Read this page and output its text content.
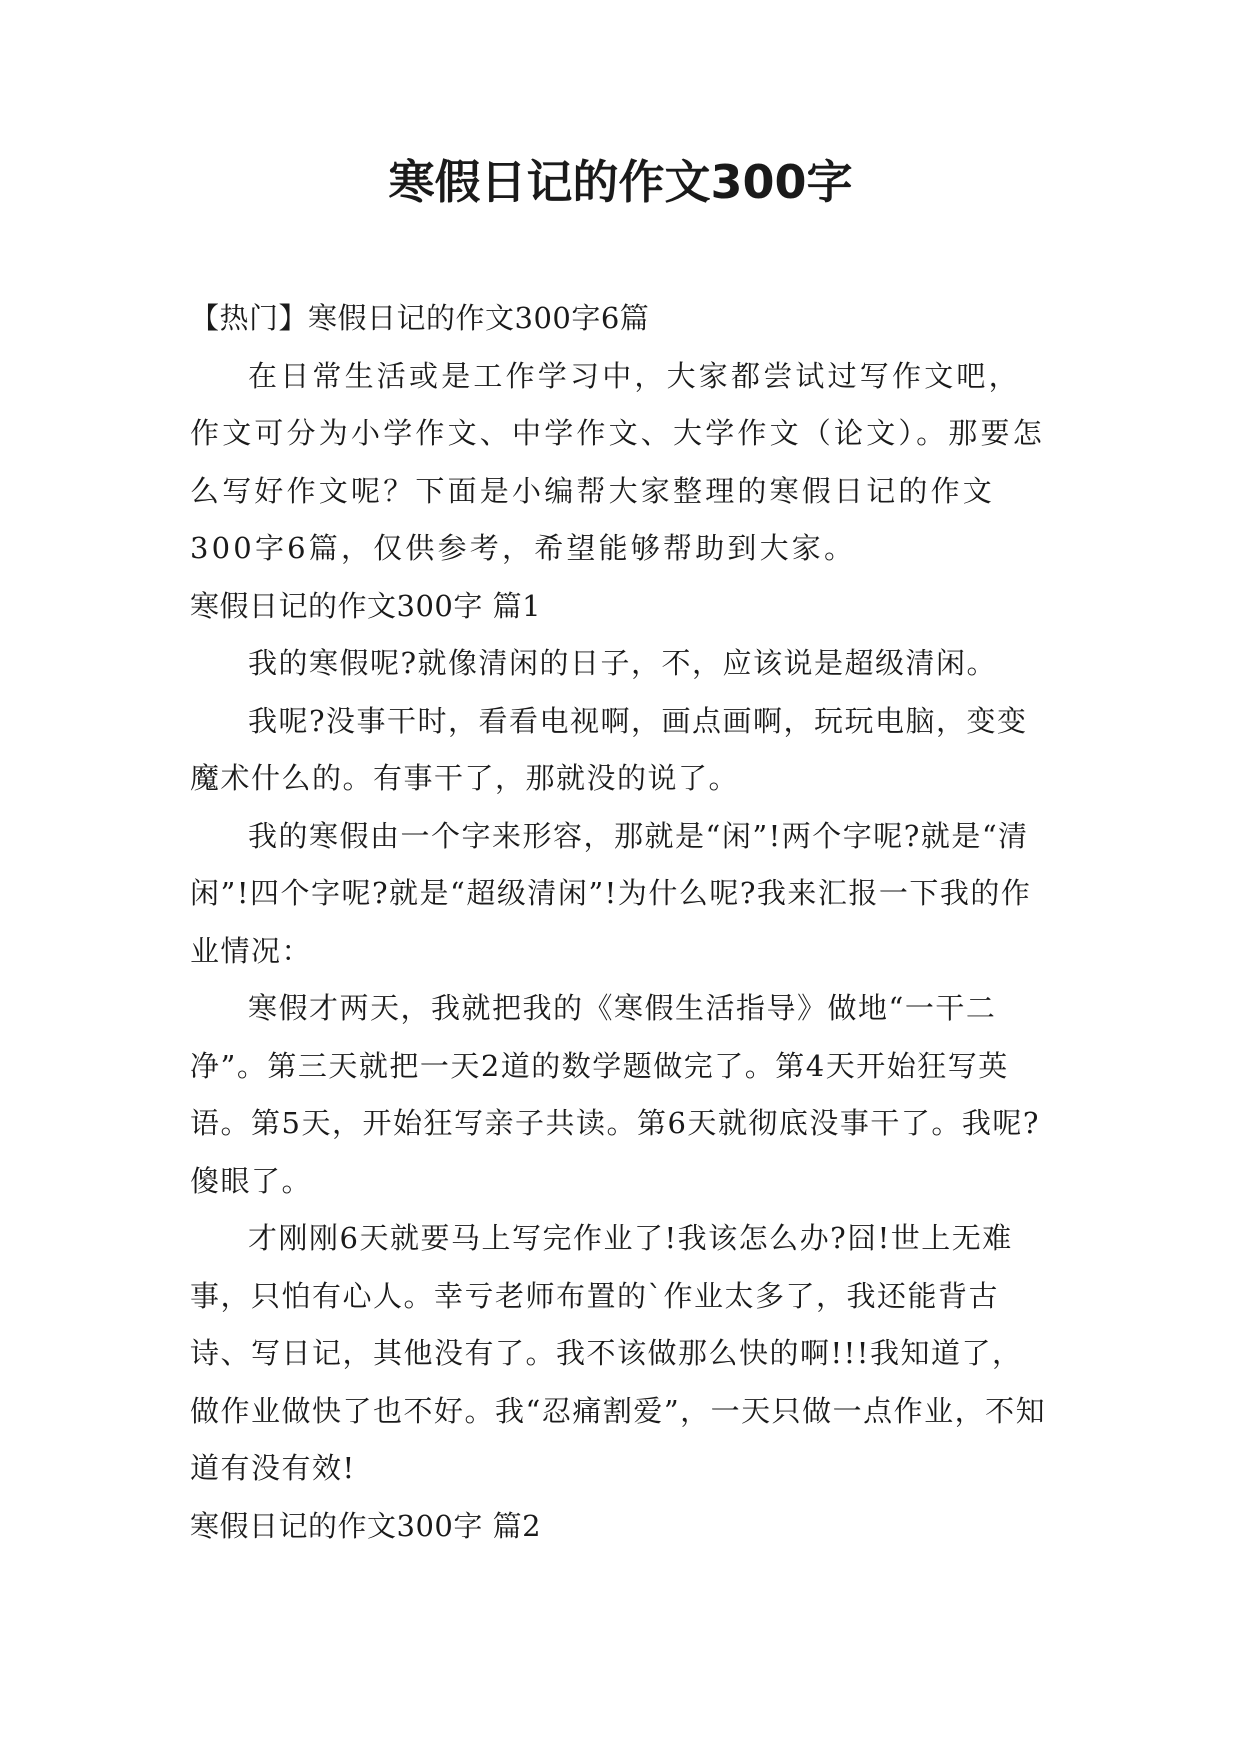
寒假日记的作文300字

【热门】寒假日记的作文300字6篇

在日常生活或是工作学习中，大家都尝试过写作文吧，作文可分为小学作文、中学作文、大学作文（论文）。那要怎么写好作文呢？下面是小编帮大家整理的寒假日记的作文300字6篇，仅供参考，希望能够帮助到大家。

寒假日记的作文300字 篇1

我的寒假呢?就像清闲的日子，不，应该说是超级清闲。

我呢?没事干时，看看电视啊，画点画啊，玩玩电脑，变变魔术什么的。有事干了，那就没的说了。

我的寒假由一个字来形容，那就是“闲”!两个字呢?就是“清闲”!四个字呢?就是“超级清闲”!为什么呢?我来汇报一下我的作业情况：

寒假才两天，我就把我的《寒假生活指导》做地“一干二净”。第三天就把一天2道的数学题做完了。第4天开始狂写英语。第5天，开始狂写亲子共读。第6天就彻底没事干了。我呢?傻眼了。

才刚刚6天就要马上写完作业了!我该怎么办?囧!世上无难事，只怕有心人。幸亏老师布置的`作业太多了，我还能背古诗、写日记，其他没有了。我不该做那么快的啊!!!我知道了，做作业做快了也不好。我“忍痛割爱”，一天只做一点作业，不知道有没有效!

寒假日记的作文300字 篇2
